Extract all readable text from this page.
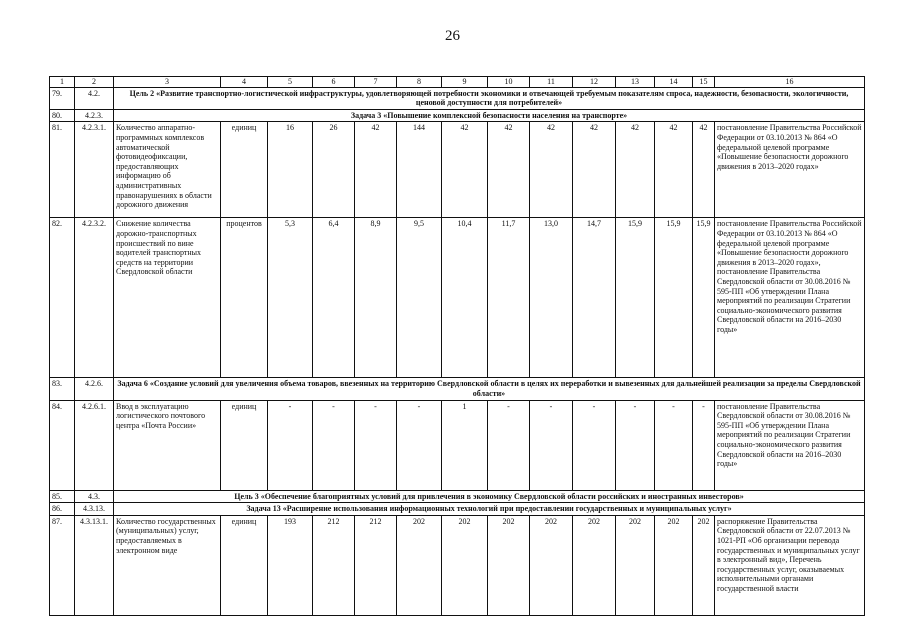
26
1	2	3	4	5	6	7	8	9	10	11	12	13	14	15	16
79.	4.2.	Цель 2 «Развитие транспортно-логистической инфраструктуры, удовлетворяющей потребности экономики и отвечающей требуемым показателям спроса, надежности, безопасности, экологичности, ценовой доступности для потребителей»													
80.	4.2.3.	Задача 3 «Повышение комплексной безопасности населения на транспорте»													
81.	4.2.3.1.	Количество аппаратно-программных комплексов автоматической фотовидеофиксации, предоставляющих информацию об административных правонарушениях в области дорожного движения	единиц	16	26	42	144	42	42	42	42	42	42	42	постановление Правительства Российской Федерации от 03.10.2013 № 864 «О федеральной целевой программе «Повышение безопасности дорожного движения в 2013–2020 годах»
82.	4.2.3.2.	Снижение количества дорожно-транспортных происшествий по вине водителей транспортных средств на территории Свердловской области	процентов	5,3	6,4	8,9	9,5	10,4	11,7	13,0	14,7	15,9	15,9	15,9	постановление Правительства Российской Федерации от 03.10.2013 № 864 «О федеральной целевой программе «Повышение безопасности дорожного движения в 2013–2020 годах», постановление Правительства Свердловской области от 30.08.2016 № 595-ПП «Об утверждении Плана мероприятий по реализации Стратегии социально-экономического развития Свердловской области на 2016–2030 годы»
83.	4.2.6.	Задача 6 «Создание условий для увеличения объема товаров, ввезенных на территорию Свердловской области в целях их переработки и вывезенных для дальнейшей реализации за пределы Свердловской области»													
84.	4.2.6.1.	Ввод в эксплуатацию логистического почтового центра «Почта России»	единиц	-	-	-	-	1	-	-	-	-	-	-	постановление Правительства Свердловской области от 30.08.2016 № 595-ПП «Об утверждении Плана мероприятий по реализации Стратегии социально-экономического развития Свердловской области на 2016–2030 годы»
85.	4.3.	Цель 3 «Обеспечение благоприятных условий для привлечения в экономику Свердловской области российских и иностранных инвесторов»													
86.	4.3.13.	Задача 13 «Расширение использования информационных технологий при предоставлении государственных и муниципальных услуг»													
87.	4.3.13.1.	Количество государственных (муниципальных) услуг, предоставляемых в электронном виде	единиц	193	212	212	202	202	202	202	202	202	202	202	распоряжение Правительства Свердловской области от 22.07.2013 № 1021-РП «Об организации перевода государственных и муниципальных услуг в электронный вид», Перечень государственных услуг, оказываемых исполнительными органами государственной власти
